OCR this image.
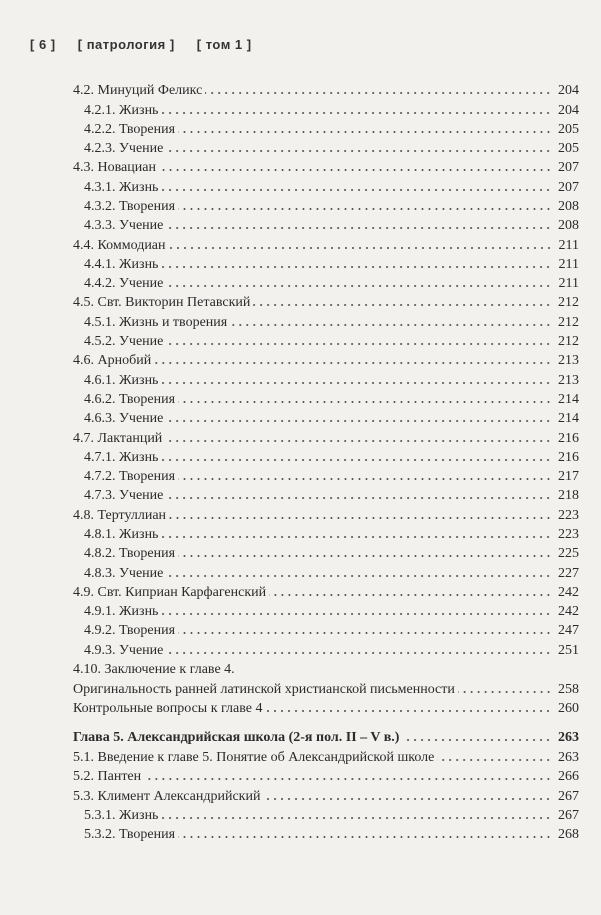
[ 6 ] [ патрология ] [ том 1 ]
4.2. Минуций Феликс	204
4.2.1. Жизнь	204
4.2.2. Творения	205
4.2.3. Учение	205
4.3. Новациан	207
4.3.1. Жизнь	207
4.3.2. Творения	208
4.3.3. Учение	208
4.4. Коммодиан	211
4.4.1. Жизнь	211
4.4.2. Учение	211
4.5. Свт. Викторин Петавский	212
4.5.1. Жизнь и творения	212
4.5.2. Учение	212
4.6. Арнобий	213
4.6.1. Жизнь	213
4.6.2. Творения	214
4.6.3. Учение	214
4.7. Лактанций	216
4.7.1. Жизнь	216
4.7.2. Творения	217
4.7.3. Учение	218
4.8. Тертуллиан	223
4.8.1. Жизнь	223
4.8.2. Творения	225
4.8.3. Учение	227
4.9. Свт. Киприан Карфагенский	242
4.9.1. Жизнь	242
4.9.2. Творения	247
4.9.3. Учение	251
4.10. Заключение к главе 4.
Оригинальность ранней латинской христианской письменности	258
Контрольные вопросы к главе 4	260
Глава 5. Александрийская школа (2-я пол. II – V в.)	263
5.1. Введение к главе 5. Понятие об Александрийской школе	263
5.2. Пантен	266
5.3. Климент Александрийский	267
5.3.1. Жизнь	267
5.3.2. Творения	268
